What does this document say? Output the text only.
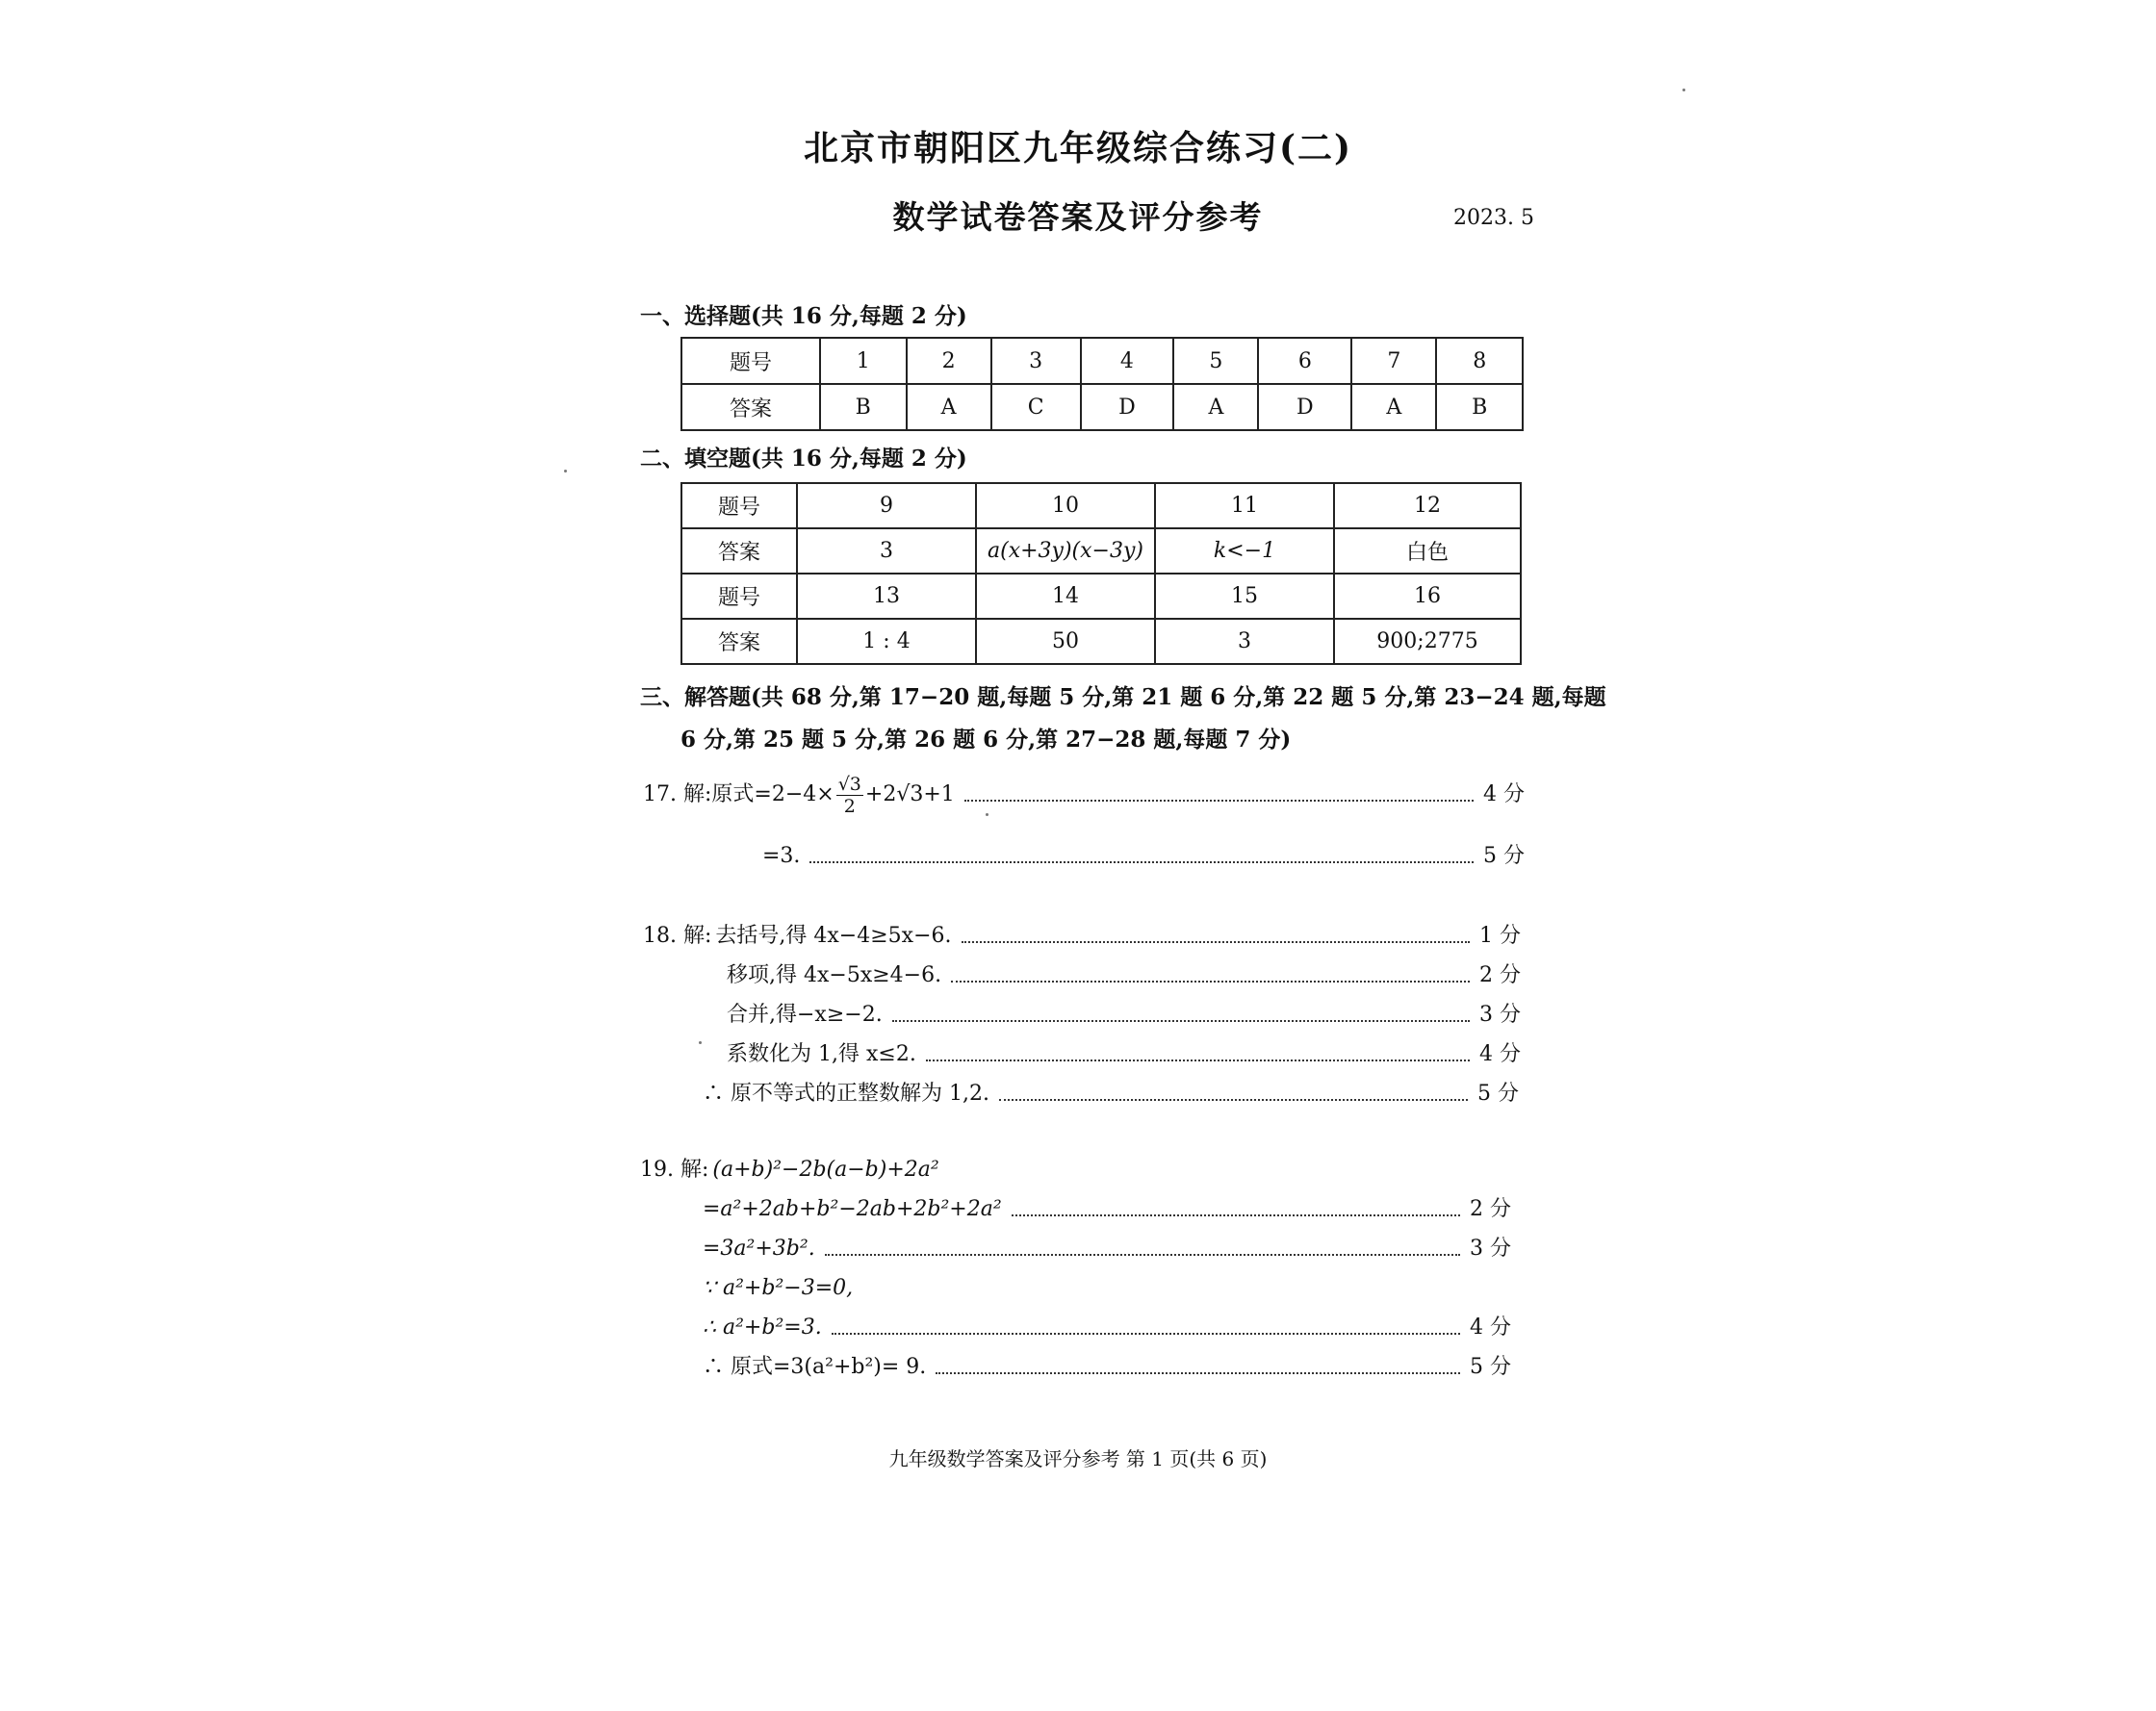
北京市朝阳区九年级综合练习(二)
数学试卷答案及评分参考	2023. 5
一、选择题(共 16 分,每题 2 分)
题号	1	2	3	4	5	6	7	8
答案	B	A	C	D	A	D	A	B
二、填空题(共 16 分,每题 2 分)
题号	9	10	11	12
答案	3	a(x+3y)(x−3y)	k<−1	白色
题号	13	14	15	16
答案	1 : 4	50	3	900;2775
三、解答题(共 68 分,第 17−20 题,每题 5 分,第 21 题 6 分,第 22 题 5 分,第 23−24 题,每题
6 分,第 25 题 5 分,第 26 题 6 分,第 27−28 题,每题 7 分)
17. 解: 原式$=2-4\times \frac{√3}{2} +2√3+1$	4 分
=3.	5 分
18. 解: 去括号,得 4x−4≥5x−6.	1 分
移项,得 4x−5x≥4−6.	2 分
合并,得−x≥−2.	3 分
系数化为 1,得 x≤2.	4 分
∴ 原不等式的正整数解为 1,2.	5 分
19. 解: (a+b)²−2b(a−b)+2a²
=a²+2ab+b²−2ab+2b²+2a²	2 分
=3a²+3b².	3 分
∵ a²+b²−3=0,
∴ a²+b²=3.	4 分
∴ 原式=3(a²+b²)= 9.	5 分
九年级数学答案及评分参考 第 1 页(共 6 页)
